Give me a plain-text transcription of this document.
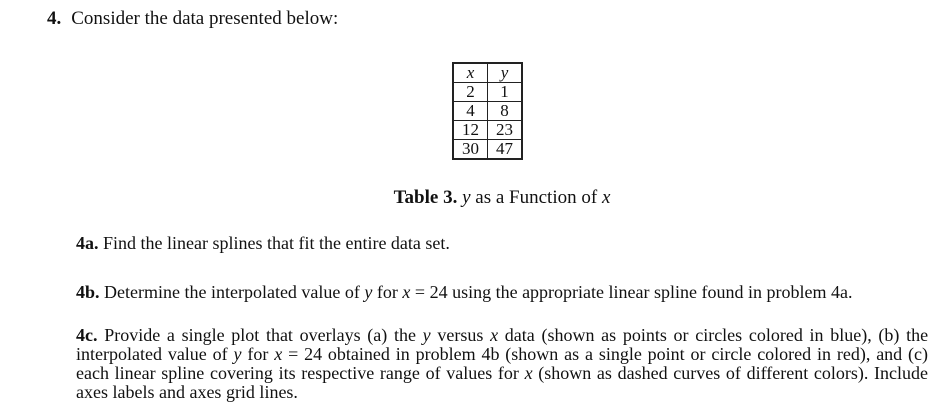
4. Consider the data presented below:
x	y
2	1
4	8
12	23
30	47
Table 3. y as a Function of x
4a. Find the linear splines that fit the entire data set.
4b. Determine the interpolated value of y for x = 24 using the appropriate linear spline found in problem 4a.
4c. Provide a single plot that overlays (a) the y versus x data (shown as points or circles colored in blue), (b) the interpolated value of y for x = 24 obtained in problem 4b (shown as a single point or circle colored in red), and (c) each linear spline covering its respective range of values for x (shown as dashed curves of different colors). Include axes labels and axes grid lines.
